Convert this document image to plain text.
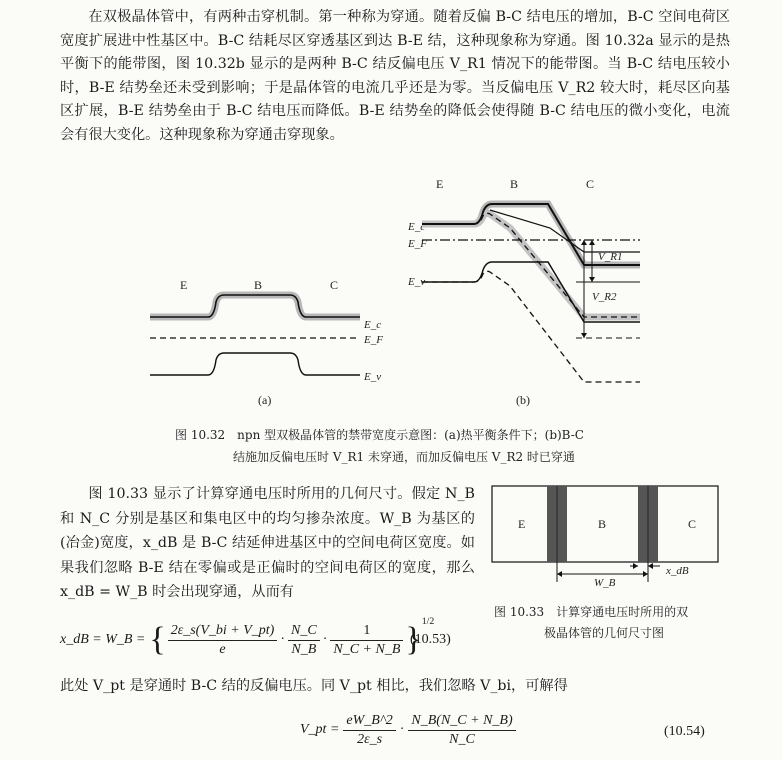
在双极晶体管中，有两种击穿机制。第一种称为穿通。随着反偏 B-C 结电压的增加，B-C 空间电荷区宽度扩展进中性基区中。B-C 结耗尽区穿透基区到达 B-E 结，这种现象称为穿通。图 10.32a 显示的是热平衡下的能带图，图 10.32b 显示的是两种 B-C 结反偏电压 V_R1 情况下的能带图。当 B-C 结电压较小时，B-E 结势垒还未受到影响；于是晶体管的电流几乎还是为零。当反偏电压 V_R2 较大时，耗尽区向基区扩展，B-E 结势垒由于 B-C 结电压而降低。B-E 结势垒的降低会使得随 B-C 结电压的微小变化，电流会有很大变化。这种现象称为穿通击穿现象。

E	B	C
E_c
E_F
E_v
(a)
E	B	C
E_c
E_F
E_v
V_R1
V_R2
(b)
图 10.32　npn 型双极晶体管的禁带宽度示意图：(a)热平衡条件下；(b)B-C
结施加反偏电压时 V_R1 未穿通，而加反偏电压 V_R2 时已穿通

图 10.33 显示了计算穿通电压时所用的几何尺寸。假定 N_B 和 N_C 分别是基区和集电区中的均匀掺杂浓度。W_B 为基区的(冶金)宽度，x_dB 是 B-C 结延伸进基区中的空间电荷区宽度。如果我们忽略 B-E 结在零偏或是正偏时的空间电荷区的宽度，那么 x_dB = W_B 时会出现穿通，从而有

E	B	C
W_B
x_dB
图 10.33　计算穿通电压时所用的双
极晶体管的几何尺寸图
x_dB = W_B = { $\frac{2\varepsilon\_s(V\_bi + V\_pt)}{e} \cdot \frac{N\_C}{N\_B} \cdot \frac{1}{N\_C + N\_B} \}^{1/2}$
(10.53)
此处 V_pt 是穿通时 B-C 结的反偏电压。同 V_pt 相比，我们忽略 V_bi，可解得
V_pt = $\frac{eW\_B\^{}2}{2\varepsilon\_s} \cdot \frac{N\_B(N\_C + N\_B)}{N\_C}$	(10.54)
